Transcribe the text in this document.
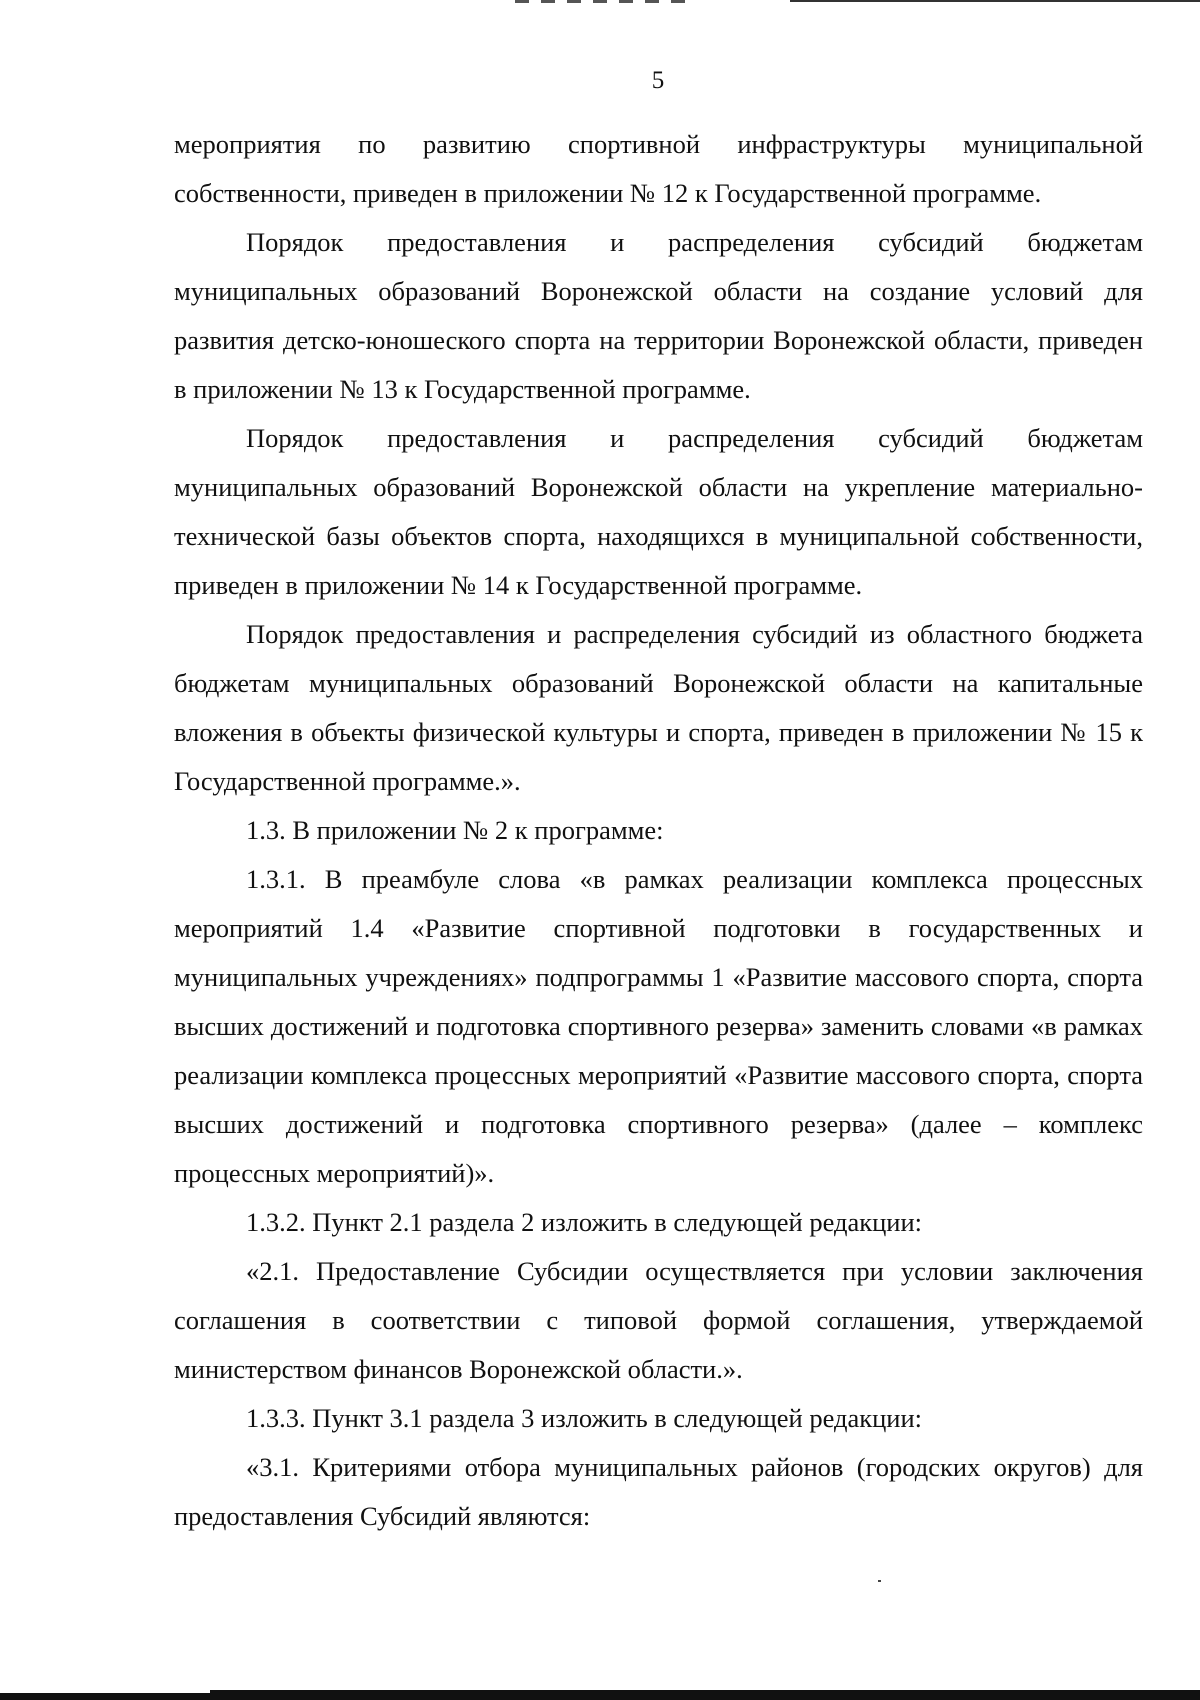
5

мероприятия по развитию спортивной инфраструктуры муниципальной собственности, приведен в приложении № 12 к Государственной программе.

Порядок предоставления и распределения субсидий бюджетам муниципальных образований Воронежской области на создание условий для развития детско-юношеского спорта на территории Воронежской области, приведен в приложении № 13 к Государственной программе.

Порядок предоставления и распределения субсидий бюджетам муниципальных образований Воронежской области на укрепление материально-технической базы объектов спорта, находящихся в муниципальной собственности, приведен в приложении № 14 к Государственной программе.

Порядок предоставления и распределения субсидий из областного бюджета бюджетам муниципальных образований Воронежской области на капитальные вложения в объекты физической культуры и спорта, приведен в приложении № 15 к Государственной программе.».

1.3. В приложении № 2 к программе:

1.3.1. В преамбуле слова «в рамках реализации комплекса процессных мероприятий 1.4 «Развитие спортивной подготовки в государственных и муниципальных учреждениях» подпрограммы 1 «Развитие массового спорта, спорта высших достижений и подготовка спортивного резерва» заменить словами «в рамках реализации комплекса процессных мероприятий «Развитие массового спорта, спорта высших достижений и подготовка спортивного резерва» (далее – комплекс процессных мероприятий)».

1.3.2. Пункт 2.1 раздела 2 изложить в следующей редакции:

«2.1. Предоставление Субсидии осуществляется при условии заключения соглашения в соответствии с типовой формой соглашения, утверждаемой министерством финансов Воронежской области.».

1.3.3. Пункт 3.1 раздела 3 изложить в следующей редакции:

«3.1. Критериями отбора муниципальных районов (городских округов) для предоставления Субсидий являются:
